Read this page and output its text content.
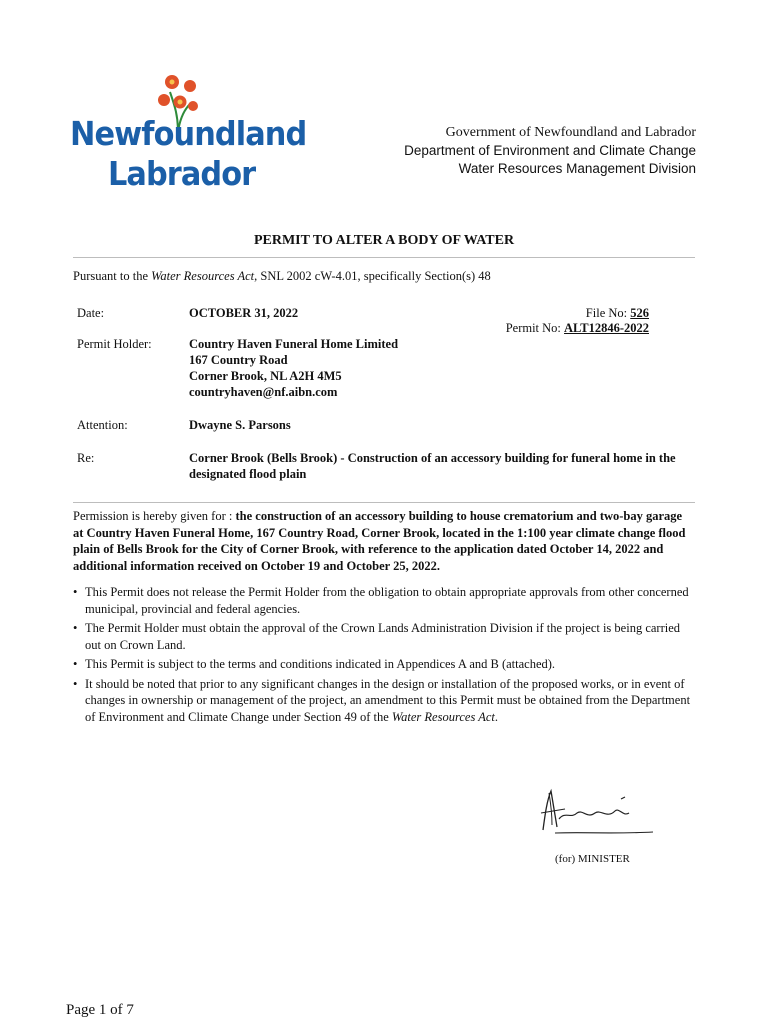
Newfoundland
Labrador
Government of Newfoundland and Labrador
Department of Environment and Climate Change
Water Resources Management Division
PERMIT TO ALTER A BODY OF WATER
Pursuant to the Water Resources Act, SNL 2002 cW-4.01, specifically Section(s) 48
Date:	OCTOBER 31, 2022	File No: 526
Permit No: ALT12846-2022
Permit Holder:	Country Haven Funeral Home Limited
167 Country Road
Corner Brook, NL A2H 4M5
countryhaven@nf.aibn.com
Attention:	Dwayne S. Parsons
Re:	Corner Brook (Bells Brook) - Construction of an accessory building for funeral home in the designated flood plain
Permission is hereby given for : the construction of an accessory building to house crematorium and two-bay garage at Country Haven Funeral Home, 167 Country Road, Corner Brook, located in the 1:100 year climate change flood plain of Bells Brook for the City of Corner Brook, with reference to the application dated October 14, 2022 and additional information received on October 19 and October 25, 2022.
• This Permit does not release the Permit Holder from the obligation to obtain appropriate approvals from other concerned municipal, provincial and federal agencies.
• The Permit Holder must obtain the approval of the Crown Lands Administration Division if the project is being carried out on Crown Land.
• This Permit is subject to the terms and conditions indicated in Appendices A and B (attached).
• It should be noted that prior to any significant changes in the design or installation of the proposed works, or in event of changes in ownership or management of the project, an amendment to this Permit must be obtained from the Department of Environment and Climate Change under Section 49 of the Water Resources Act.
(for) MINISTER
Page 1 of 7
